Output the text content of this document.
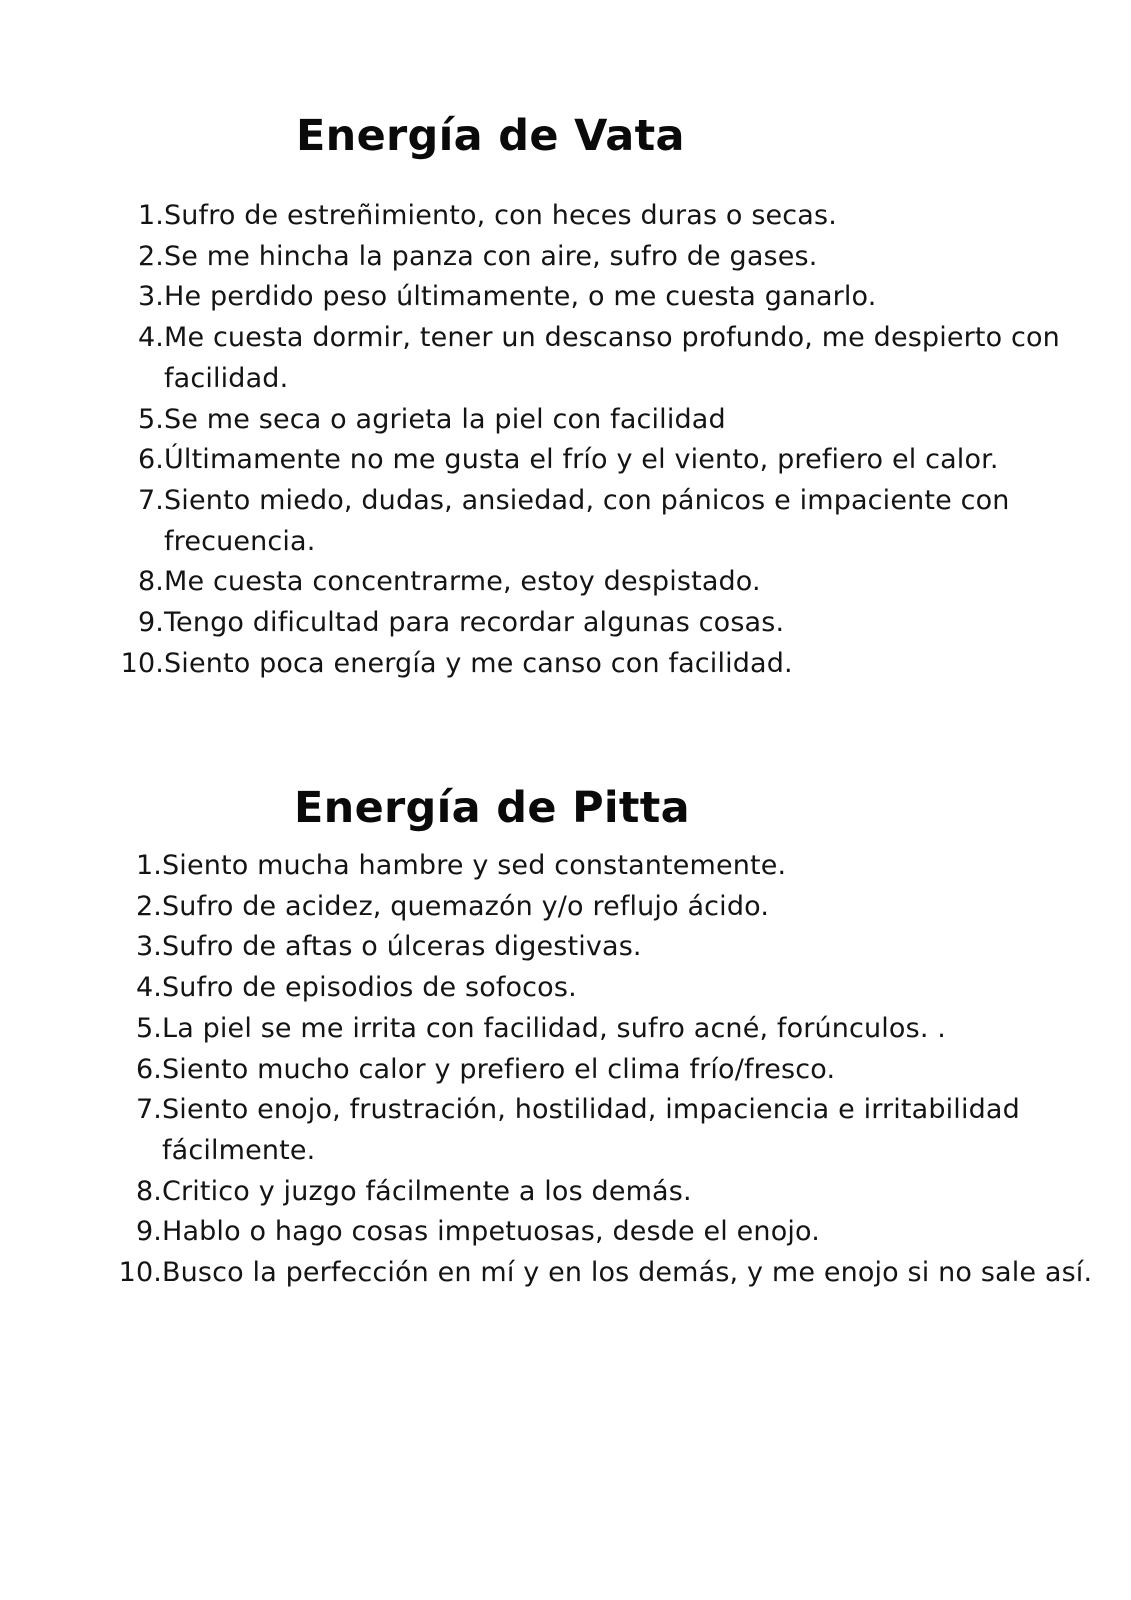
Energía de Vata
1. Sufro de estreñimiento, con heces duras o secas.
2. Se me hincha la panza con aire, sufro de gases.
3. He perdido peso últimamente, o me cuesta ganarlo.
4. Me cuesta dormir, tener un descanso profundo, me despierto con facilidad.
5. Se me seca o agrieta la piel con facilidad
6. Últimamente no me gusta el frío y el viento, prefiero el calor.
7. Siento miedo, dudas, ansiedad, con pánicos e impaciente con frecuencia.
8. Me cuesta concentrarme, estoy despistado.
9. Tengo dificultad para recordar algunas cosas.
10. Siento poca energía y me canso con facilidad.
Energía de Pitta
1. Siento mucha hambre y sed constantemente.
2. Sufro de acidez, quemazón y/o reflujo ácido.
3. Sufro de aftas o úlceras digestivas.
4. Sufro de episodios de sofocos.
5. La piel se me irrita con facilidad, sufro acné, forúnculos. .
6. Siento mucho calor y prefiero el clima frío/fresco.
7. Siento enojo, frustración, hostilidad, impaciencia e irritabilidad fácilmente.
8. Critico y juzgo fácilmente a los demás.
9. Hablo o hago cosas impetuosas, desde el enojo.
10. Busco la perfección en mí y en los demás, y me enojo si no sale así.
